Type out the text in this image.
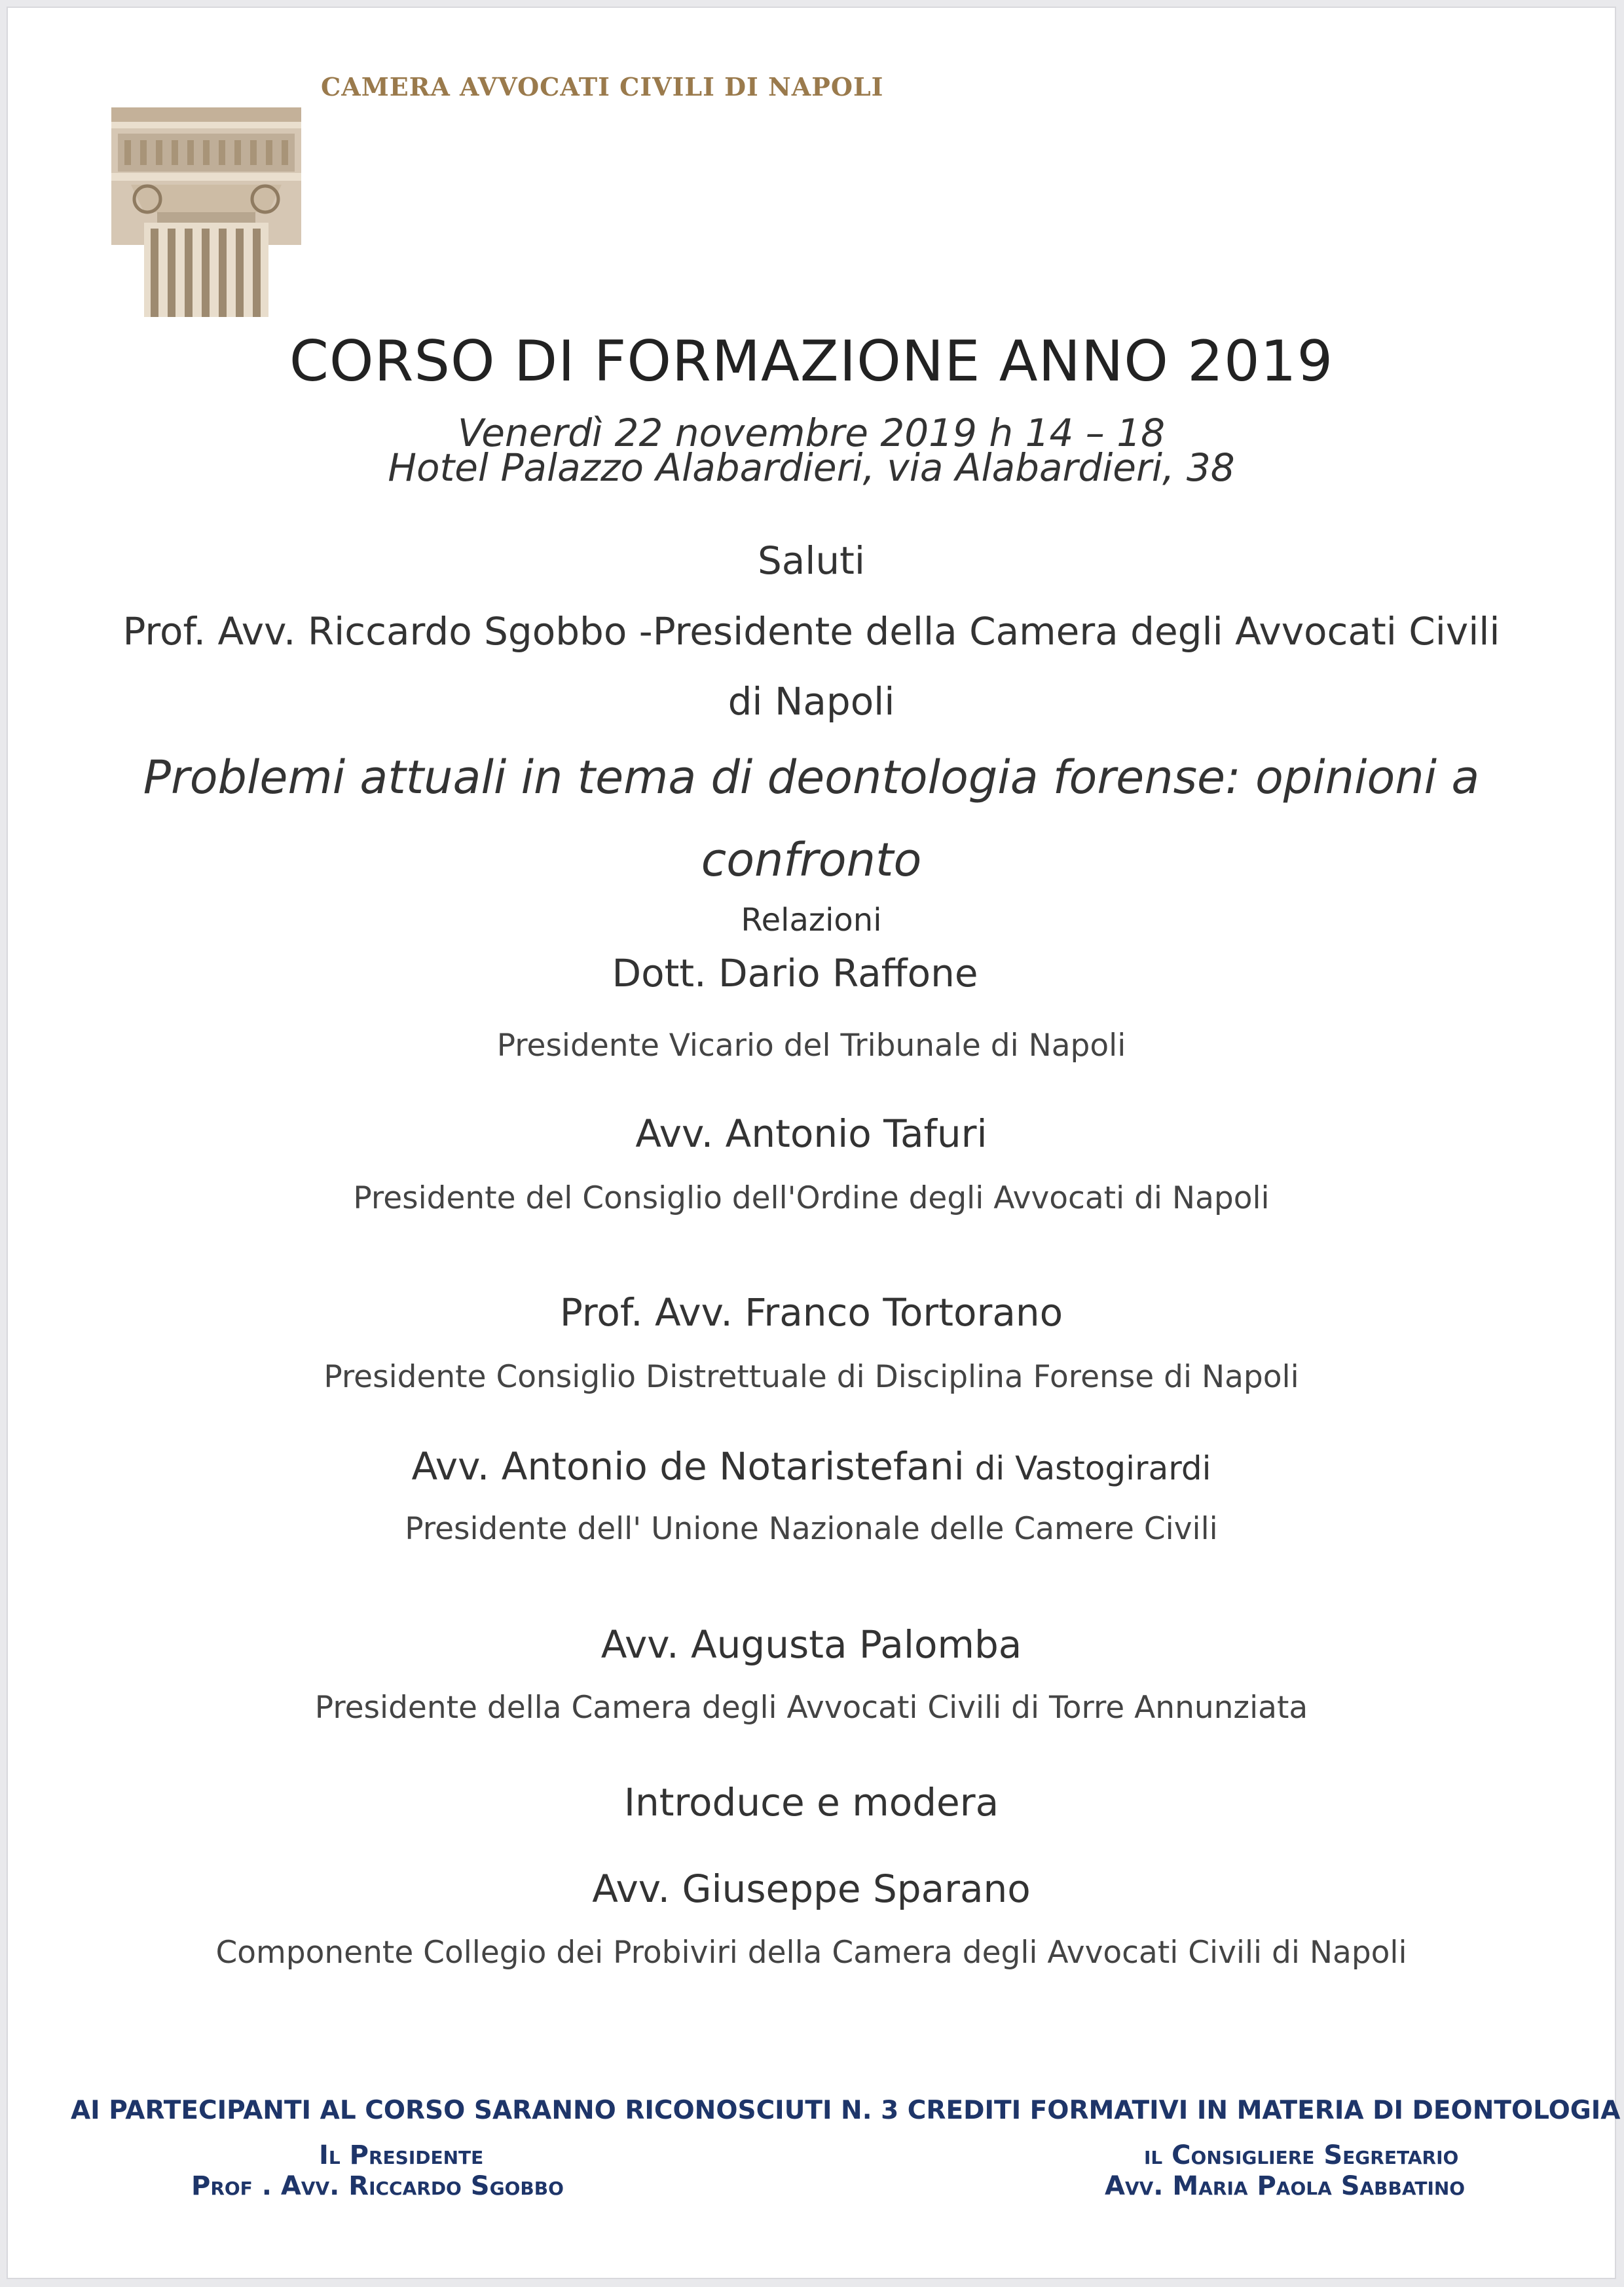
CAMERA AVVOCATI CIVILI DI NAPOLI
CORSO DI FORMAZIONE ANNO 2019
Venerdì 22 novembre 2019 h 14 – 18
Hotel Palazzo Alabardieri, via Alabardieri, 38
Saluti
Prof. Avv. Riccardo Sgobbo -Presidente della Camera degli Avvocati Civili
di Napoli
Problemi attuali in tema di deontologia forense: opinioni a
confronto
Relazioni
Dott. Dario Raffone
Presidente Vicario del Tribunale di Napoli
Avv. Antonio Tafuri
Presidente del Consiglio dell'Ordine degli Avvocati di Napoli
Prof. Avv. Franco Tortorano
Presidente Consiglio Distrettuale di Disciplina Forense di Napoli
Avv. Antonio de Notaristefani di Vastogirardi
Presidente dell' Unione Nazionale delle Camere Civili
Avv. Augusta Palomba
Presidente della Camera degli Avvocati Civili di Torre Annunziata
Introduce e modera
Avv. Giuseppe Sparano
Componente Collegio dei Probiviri della Camera degli Avvocati Civili di Napoli
AI PARTECIPANTI AL CORSO SARANNO RICONOSCIUTI N. 3 CREDITI FORMATIVI IN MATERIA DI DEONTOLOGIA
Il Presidente
Prof . Avv. Riccardo Sgobbo
il Consigliere Segretario
Avv. Maria Paola Sabbatino
